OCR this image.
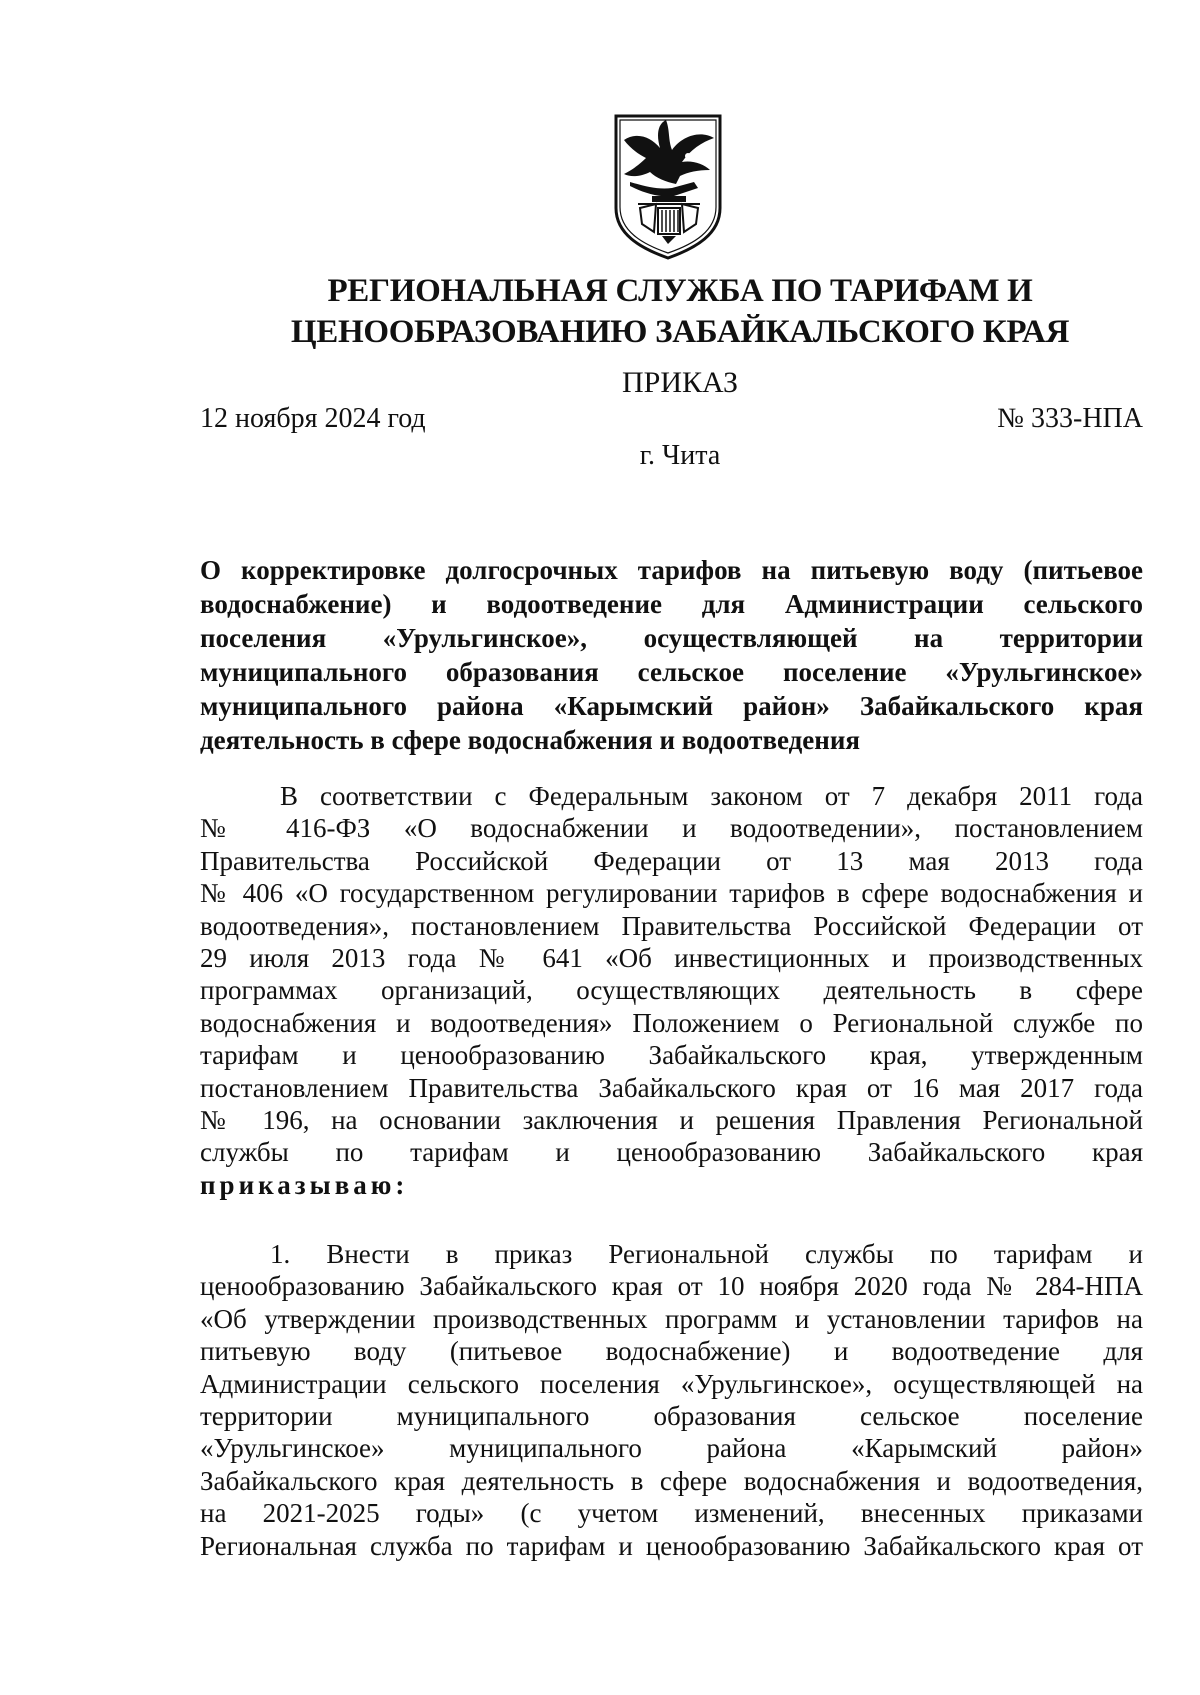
РЕГИОНАЛЬНАЯ СЛУЖБА ПО ТАРИФАМ И
ЦЕНООБРАЗОВАНИЮ ЗАБАЙКАЛЬСКОГО КРАЯ
ПРИКАЗ
12 ноября 2024 год	№ 333-НПА
г. Чита
О корректировке долгосрочных тарифов на питьевую воду (питьевое
водоснабжение) и водоотведение для Администрации сельского
поселения «Урульгинское», осуществляющей на территории
муниципального образования сельское поселение «Урульгинское»
муниципального района «Карымский район» Забайкальского края
деятельность в сфере водоснабжения и водоотведения
В соответствии с Федеральным законом от 7 декабря 2011 года
№ 416-ФЗ «О водоснабжении и водоотведении», постановлением
Правительства Российской Федерации от 13 мая 2013 года
№ 406 «О государственном регулировании тарифов в сфере водоснабжения и
водоотведения», постановлением Правительства Российской Федерации от
29 июля 2013 года № 641 «Об инвестиционных и производственных
программах организаций, осуществляющих деятельность в сфере
водоснабжения и водоотведения» Положением о Региональной службе по
тарифам и ценообразованию Забайкальского края, утвержденным
постановлением Правительства Забайкальского края от 16 мая 2017 года
№ 196, на основании заключения и решения Правления Региональной
службы по тарифам и ценообразованию Забайкальского края
приказываю:
1. Внести в приказ Региональной службы по тарифам и
ценообразованию Забайкальского края от 10 ноября 2020 года № 284-НПА
«Об утверждении производственных программ и установлении тарифов на
питьевую воду (питьевое водоснабжение) и водоотведение для
Администрации сельского поселения «Урульгинское», осуществляющей на
территории муниципального образования сельское поселение
«Урульгинское» муниципального района «Карымский район»
Забайкальского края деятельность в сфере водоснабжения и водоотведения,
на 2021-2025 годы» (с учетом изменений, внесенных приказами
Региональная служба по тарифам и ценообразованию Забайкальского края от
